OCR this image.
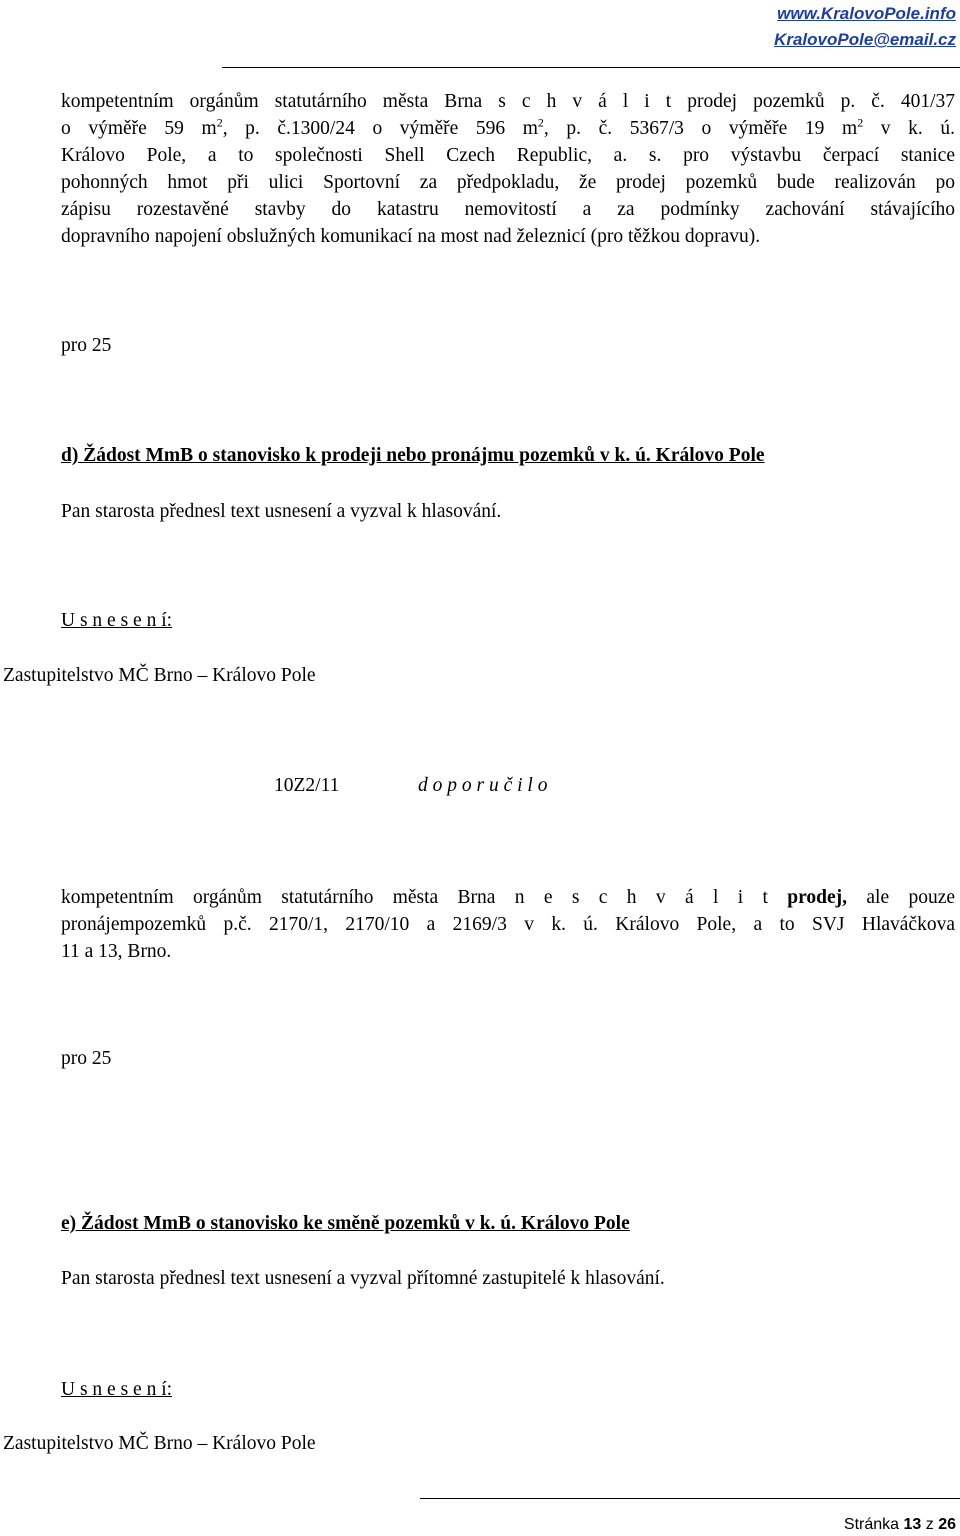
www.KralovoPole.info
KralovoPole@email.cz
kompetentním orgánům statutárního města Brna s c h v á l i t prodej pozemků p. č. 401/37
o výměře 59 $m^2$, p. č.1300/24 o výměře 596 $m^2$, p. č. 5367/3 o výměře 19 $m^2$ v k. ú.
Královo Pole, a to společnosti Shell Czech Republic, a. s. pro výstavbu čerpací stanice
pohonných hmot při ulici Sportovní za předpokladu, že prodej pozemků bude realizován po
zápisu rozestavěné stavby do katastru nemovitostí a za podmínky zachování stávajícího
dopravního napojení obslužných komunikací na most nad železnicí (pro těžkou dopravu).
pro 25
d) Žádost MmB o stanovisko k prodeji nebo pronájmu pozemků v k. ú. Královo Pole
Pan starosta přednesl text usnesení a vyzval k hlasování.
U s n e s e n í:
Zastupitelstvo MČ Brno – Královo Pole
10Z2/11	d o p o r u č i l o
kompetentním orgánům statutárního města Brna n e s c h v á l i t prodej, ale pouze
pronájempozemků p.č. 2170/1, 2170/10 a 2169/3 v k. ú. Královo Pole, a to SVJ Hlaváčkova
11 a 13, Brno.
pro 25
e) Žádost MmB o stanovisko ke směně pozemků v k. ú. Královo Pole
Pan starosta přednesl text usnesení a vyzval přítomné zastupitelé k hlasování.
U s n e s e n í:
Zastupitelstvo MČ Brno – Královo Pole
Stránka 13 z 26
